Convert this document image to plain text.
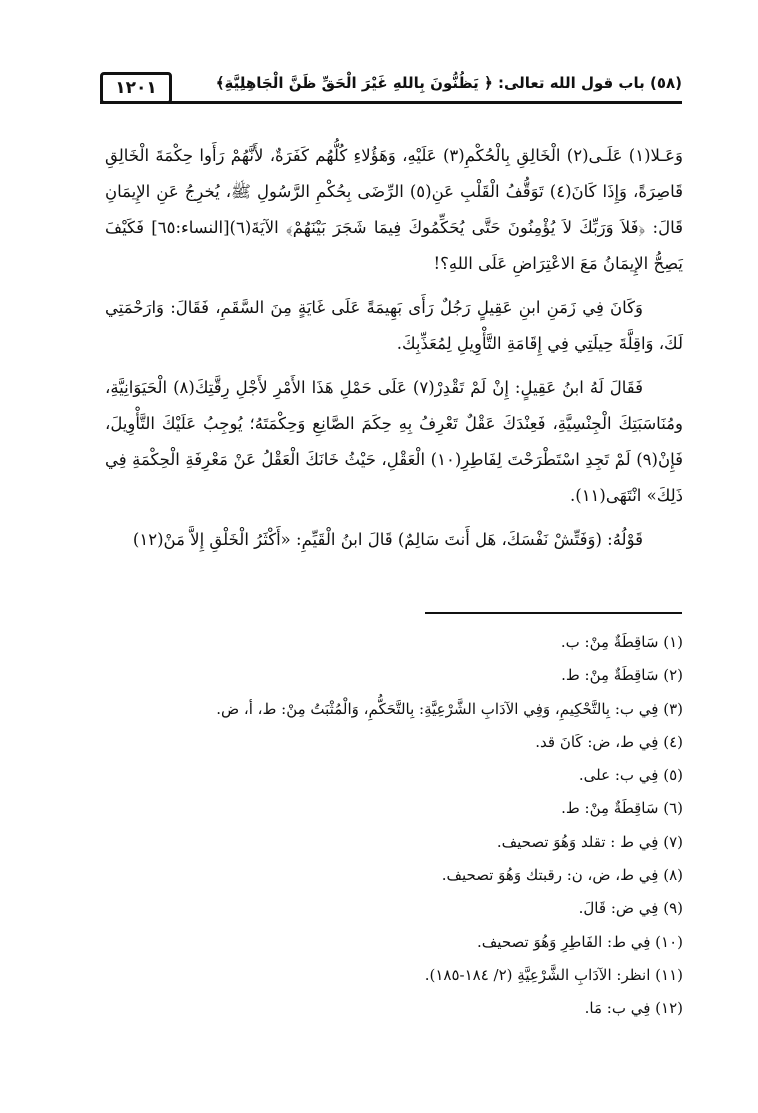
(٥٨) باب قول الله تعالى: ﴿ يَظُنُّونَ بِاللهِ غَيْرَ الْحَقِّ ظَنَّ الْجَاهِلِيَّةِ﴾
١٢٠١

وَعَـلا(١) عَلَـى(٢) الْخَالِقِ بِالْحُكْمِ(٣) عَلَيْهِ، وَهَؤُلاءِ كُلُّهُم كَفَرَةٌ، لأَنَّهُمْ رَأَوا حِكْمَةَ الْخَالِقِ قَاصِرَةً، وَإِذَا كَانَ(٤) تَوَقُّفُ الْقَلْبِ عَنِ(٥) الرِّضَى بِحُكْمِ الرَّسُولِ ﷺ، يُخرِجُ عَنِ الإِيمَانِ قَالَ: ﴿فَلاَ وَرَبِّكَ لاَ يُؤْمِنُونَ حَتَّى يُحَكِّمُوكَ فِيمَا شَجَرَ بَيْنَهُمْ﴾ الآيَةَ(٦)[النساء:٦٥] فَكَيْفَ يَصِحُّ الإِيمَانُ مَعَ الاعْتِرَاضِ عَلَى اللهِ؟!

وَكَانَ فِي زَمَنِ ابنِ عَقِيلٍ رَجُلٌ رَأَى بَهِيمَةً عَلَى غَايَةٍ مِنَ السَّقَمِ، فَقَالَ: وَارَحْمَتِي لَكَ، وَاقِلَّةَ حِيلَتِي فِي إِقَامَةِ التَّأْوِيلِ لِمُعَذِّبِكَ.

فَقَالَ لَهُ ابنُ عَقِيلٍ: إِنْ لَمْ تَقْدِرْ(٧) عَلَى حَمْلِ هَذَا الأَمْرِ لأَجْلِ رِقَّتِكَ(٨) الْحَيَوَانِيَّةِ، ومُنَاسَبَتِكَ الْجِنْسِيَّةِ، فَعِنْدَكَ عَقْلٌ تَعْرِفُ بِهِ حِكَمَ الصَّانِعِ وَحِكْمَتَهُ؛ يُوجِبُ عَلَيْكَ التَّأْوِيلَ، فَإِنْ(٩) لَمْ تَجِدِ اسْتَطْرَحْتَ لِفَاطِرِ(١٠) الْعَقْلِ، حَيْثُ خَانَكَ الْعَقْلُ عَنْ مَعْرِفَةِ الْحِكْمَةِ فِي ذَلِكَ» انْتَهَى(١١).

قَوْلُهُ: (وَفَتِّشْ نَفْسَكَ، هَل أَنتَ سَالِمٌ) قَالَ ابنُ الْقَيِّمِ: «أَكْثَرُ الْخَلْقِ إِلاَّ مَنْ(١٢)

(١) سَاقِطَةٌ مِنْ: ب.
(٢) سَاقِطَةٌ مِنْ: ط.
(٣) فِي ب: بِالتَّحْكِيمِ، وَفِي الآدَابِ الشَّرْعِيَّةِ: بِالتَّحَكُّمِ، وَالْمُثْبَتُ مِنْ: ط، أ، ض.
(٤) فِي ط، ض: كَانَ قد.
(٥) فِي ب: على.
(٦) سَاقِطَةٌ مِنْ: ط.
(٧) فِي ط : تقلد وَهُوَ تصحيف.
(٨) فِي ط، ض، ن: رقبتك وَهُوَ تصحيف.
(٩) فِي ض: قَالَ.
(١٠) فِي ط: الفَاطِرِ وَهُوَ تصحيف.
(١١) انظر: الآدَابِ الشَّرْعِيَّةِ (٢/ ١٨٤-١٨٥).
(١٢) فِي ب: مَا.
